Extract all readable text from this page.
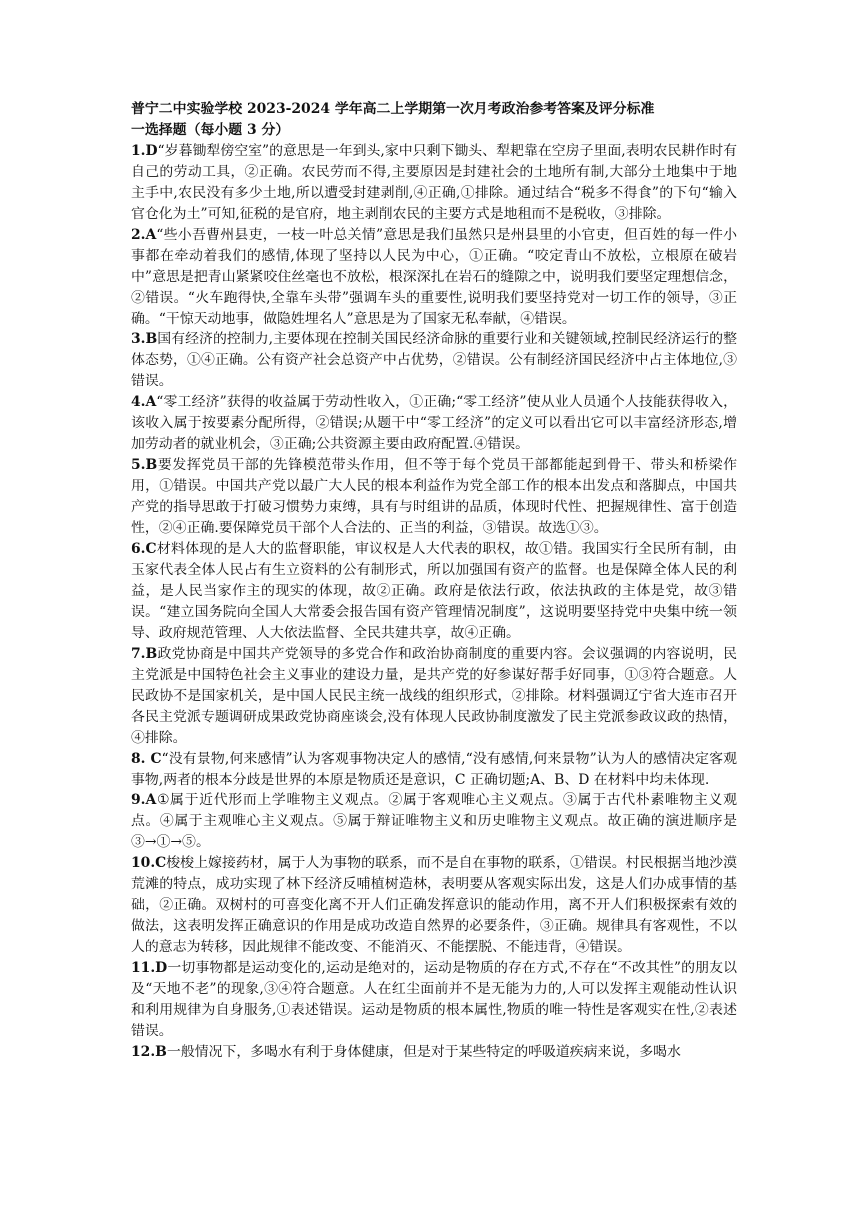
普宁二中实验学校 2023-2024 学年高二上学期第一次月考政治参考答案及评分标准
一选择题（每小题 3 分）
1.D“岁暮锄犁傍空室”的意思是一年到头,家中只剩下锄头、犁耙靠在空房子里面,表明农民耕作时有自己的劳动工具，②正确。农民劳而不得,主要原因是封建社会的土地所有制,大部分土地集中于地主手中,农民没有多少土地,所以遭受封建剥削,④正确,①排除。通过结合“税多不得食”的下句“输入官仓化为土”可知,征税的是官府，地主剥削农民的主要方式是地租而不是税收，③排除。
2.A“些小吾曹州县吏，一枝一叶总关情”意思是我们虽然只是州县里的小官吏，但百姓的每一件小事都在牵动着我们的感情,体现了坚持以人民为中心，①正确。“咬定青山不放松，立根原在破岩中”意思是把青山紧紧咬住丝毫也不放松，根深深扎在岩石的缝隙之中，说明我们要坚定理想信念，②错误。“火车跑得快,全靠车头带”强调车头的重要性,说明我们要坚持党对一切工作的领导，③正确。“干惊天动地事，做隐姓埋名人”意思是为了国家无私奉献，④错误。
3.B国有经济的控制力,主要体现在控制关国民经济命脉的重要行业和关键领域,控制民经济运行的整体态势，①④正确。公有资产社会总资产中占优势，②错误。公有制经济国民经济中占主体地位,③错误。
4.A“零工经济”获得的收益属于劳动性收入，①正确;“零工经济”使从业人员通个人技能获得收入，该收入属于按要素分配所得，②错误;从题干中“零工经济”的定义可以看出它可以丰富经济形态,增加劳动者的就业机会，③正确;公共资源主要由政府配置.④错误。
5.B要发挥党员干部的先锋模范带头作用，但不等于每个党员干部都能起到骨干、带头和桥梁作用，①错误。中国共产党以最广大人民的根本利益作为党全部工作的根本出发点和落脚点，中国共产党的指导思敢于打破习惯势力束缚，具有与时组讲的品质，体现时代性、把握规律性、富于创造性，②④正确.要保障党员干部个人合法的、正当的利益，③错误。故选①③。
6.C材料体现的是人大的监督职能，审议权是人大代表的职权，故①错。我国实行全民所有制，由玉家代表全体人民占有生立资料的公有制形式，所以加强国有资产的监督。也是保障全体人民的利益，是人民当家作主的现实的体现，故②正确。政府是依法行政，依法执政的主体是党，故③错误。“建立国务院向全国人大常委会报告国有资产管理情况制度”，这说明要坚持党中央集中统一领导、政府规范管理、人大依法监督、全民共建共享，故④正确。
7.B政党协商是中国共产党领导的多党合作和政治协商制度的重要内容。会议强调的内容说明，民主党派是中国特色社会主义事业的建设力量，是共产党的好参谋好帮手好同事，①③符合题意。人民政协不是国家机关，是中国人民民主统一战线的组织形式，②排除。材料强调辽宁省大连市召开各民主党派专题调研成果政党协商座谈会,没有体现人民政协制度激发了民主党派参政议政的热情，④排除。
8. C“没有景物,何来感情”认为客观事物决定人的感情,“没有感情,何来景物”认为人的感情决定客观事物,两者的根本分歧是世界的本原是物质还是意识，C 正确切题;A、B、D 在材料中均未体现.
9.A①属于近代形而上学唯物主义观点。②属于客观唯心主义观点。③属于古代朴素唯物主义观点。④属于主观唯心主义观点。⑤属于辩证唯物主义和历史唯物主义观点。故正确的演进顺序是③→①→⑤。
10.C梭梭上嫁接药材，属于人为事物的联系，而不是自在事物的联系，①错误。村民根据当地沙漠荒滩的特点，成功实现了林下经济反哺植树造林，表明要从客观实际出发，这是人们办成事情的基础，②正确。双树村的可喜变化离不开人们正确发挥意识的能动作用，离不开人们积极探索有效的做法，这表明发挥正确意识的作用是成功改造自然界的必要条件，③正确。规律具有客观性，不以人的意志为转移，因此规律不能改变、不能消灭、不能摆脱、不能违背，④错误。
11.D一切事物都是运动变化的,运动是绝对的，运动是物质的存在方式,不存在“不改其性”的朋友以及“天地不老”的现象,③④符合题意。人在红尘面前并不是无能为力的,人可以发挥主观能动性认识和利用规律为自身服务,①表述错误。运动是物质的根本属性,物质的唯一特性是客观实在性,②表述错误。
12.B一般情况下，多喝水有利于身体健康，但是对于某些特定的呼吸道疾病来说，多喝水
